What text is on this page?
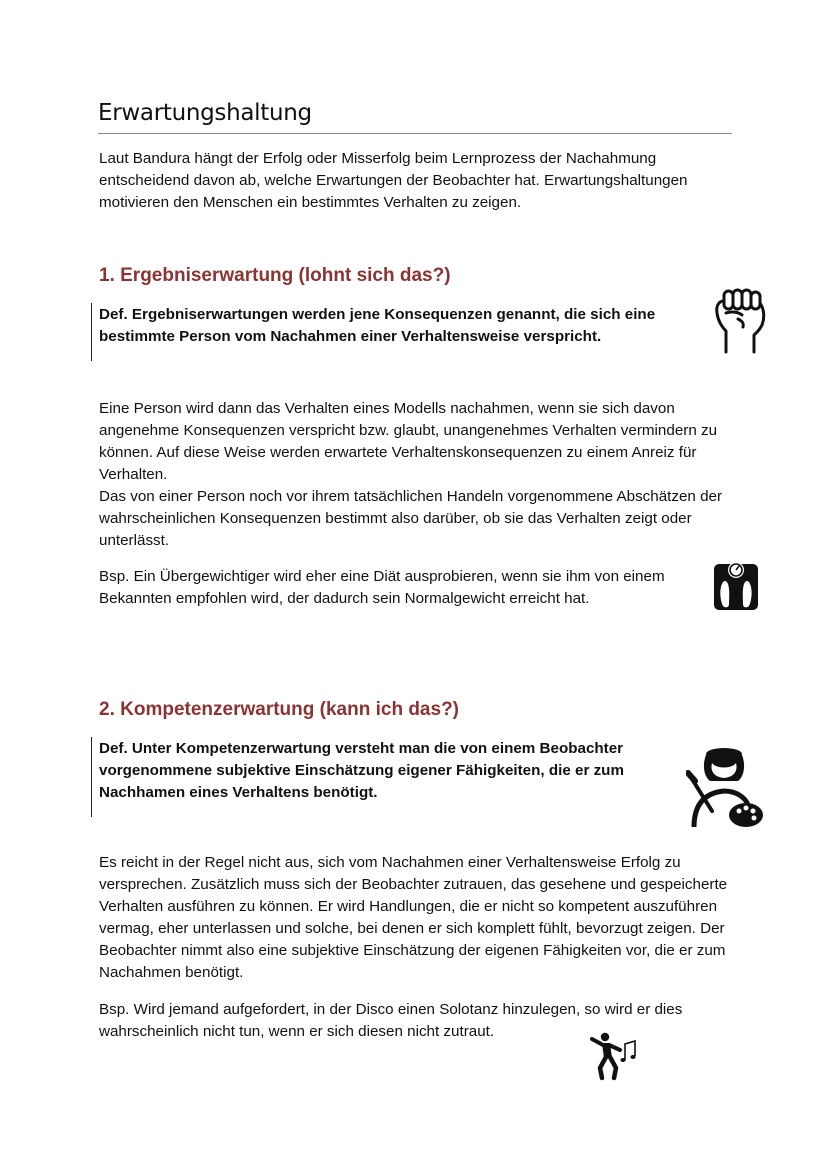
Erwartungshaltung

Laut Bandura hängt der Erfolg oder Misserfolg beim Lernprozess der Nachahmung entscheidend davon ab, welche Erwartungen der Beobachter hat. Erwartungshaltungen motivieren den Menschen ein bestimmtes Verhalten zu zeigen.

1. Ergebniserwartung (lohnt sich das?)

Def. Ergebniserwartungen werden jene Konsequenzen genannt, die sich eine bestimmte Person vom Nachahmen einer Verhaltensweise verspricht.

Eine Person wird dann das Verhalten eines Modells nachahmen, wenn sie sich davon angenehme Konsequenzen verspricht bzw. glaubt, unangenehmes Verhalten vermindern zu können. Auf diese Weise werden erwartete Verhaltenskonsequenzen zu einem Anreiz für Verhalten.

Das von einer Person noch vor ihrem tatsächlichen Handeln vorgenommene Abschätzen der wahrscheinlichen Konsequenzen bestimmt also darüber, ob sie das Verhalten zeigt oder unterlässt.

Bsp. Ein Übergewichtiger wird eher eine Diät ausprobieren, wenn sie ihm von einem Bekannten empfohlen wird, der dadurch sein Normalgewicht erreicht hat.

2. Kompetenzerwartung (kann ich das?)

Def. Unter Kompetenzerwartung versteht man die von einem Beobachter vorgenommene subjektive Einschätzung eigener Fähigkeiten, die er zum Nachhamen eines Verhaltens benötigt.

Es reicht in der Regel nicht aus, sich vom Nachahmen einer Verhaltensweise Erfolg zu versprechen. Zusätzlich muss sich der Beobachter zutrauen, das gesehene und gespeicherte Verhalten ausführen zu können. Er wird Handlungen, die er nicht so kompetent auszuführen vermag, eher unterlassen und solche, bei denen er sich komplett fühlt, bevorzugt zeigen. Der Beobachter nimmt also eine subjektive Einschätzung der eigenen Fähigkeiten vor, die er zum Nachahmen benötigt.

Bsp. Wird jemand aufgefordert, in der Disco einen Solotanz hinzulegen, so wird er dies wahrscheinlich nicht tun, wenn er sich diesen nicht zutraut.
